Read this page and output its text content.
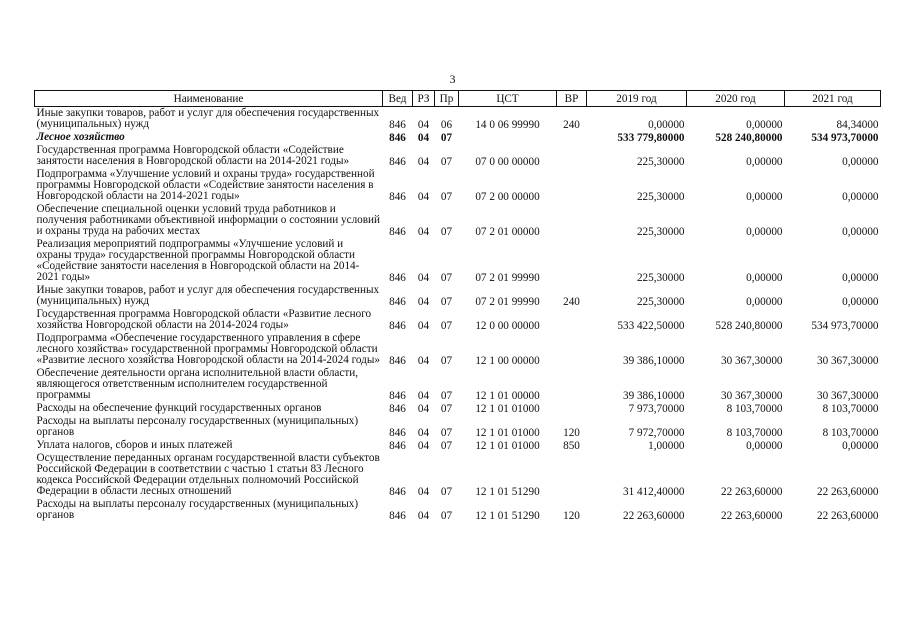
3
Наименование	Вед	РЗ	Пр	ЦСТ	ВР	2019 год	2020 год	2021 год
Иные закупки товаров, работ и услуг для обеспечения государственных (муниципальных) нужд	846	04	06	14 0 06 99990	240	0,00000	0,00000	84,34000
Лесное хозяйство	846	04	07			533 779,80000	528 240,80000	534 973,70000
Государственная программа Новгородской области «Содействие занятости населения в Новгородской области на 2014-2021 годы»	846	04	07	07 0 00 00000		225,30000	0,00000	0,00000
Подпрограмма «Улучшение условий и охраны труда» государственной программы Новгородской области «Содействие занятости населения в Новгородской области на 2014-2021 годы»	846	04	07	07 2 00 00000		225,30000	0,00000	0,00000
Обеспечение специальной оценки условий труда работников и получения работниками объективной информации о состоянии условий и охраны труда на рабочих местах	846	04	07	07 2 01 00000		225,30000	0,00000	0,00000
Реализация мероприятий подпрограммы «Улучшение условий и охраны труда» государственной программы Новгородской области «Содействие занятости населения в Новгородской области на 2014-2021 годы»	846	04	07	07 2 01 99990		225,30000	0,00000	0,00000
Иные закупки товаров, работ и услуг для обеспечения государственных (муниципальных) нужд	846	04	07	07 2 01 99990	240	225,30000	0,00000	0,00000
Государственная программа Новгородской области «Развитие лесного хозяйства Новгородской области на 2014-2024 годы»	846	04	07	12 0 00 00000		533 422,50000	528 240,80000	534 973,70000
Подпрограмма «Обеспечение государственного управления в сфере лесного хозяйства» государственной программы Новгородской области «Развитие лесного хозяйства Новгородской области на 2014-2024 годы»	846	04	07	12 1 00 00000		39 386,10000	30 367,30000	30 367,30000
Обеспечение деятельности органа исполнительной власти области, являющегося ответственным исполнителем государственной программы	846	04	07	12 1 01 00000		39 386,10000	30 367,30000	30 367,30000
Расходы на обеспечение функций государственных органов	846	04	07	12 1 01 01000		7 973,70000	8 103,70000	8 103,70000
Расходы на выплаты персоналу государственных (муниципальных) органов	846	04	07	12 1 01 01000	120	7 972,70000	8 103,70000	8 103,70000
Уплата налогов, сборов и иных платежей	846	04	07	12 1 01 01000	850	1,00000	0,00000	0,00000
Осуществление переданных органам государственной власти субъектов Российской Федерации в соответствии с частью 1 статьи 83 Лесного кодекса Российской Федерации отдельных полномочий Российской Федерации в области лесных отношений	846	04	07	12 1 01 51290		31 412,40000	22 263,60000	22 263,60000
Расходы на выплаты персоналу государственных (муниципальных) органов	846	04	07	12 1 01 51290	120	22 263,60000	22 263,60000	22 263,60000
